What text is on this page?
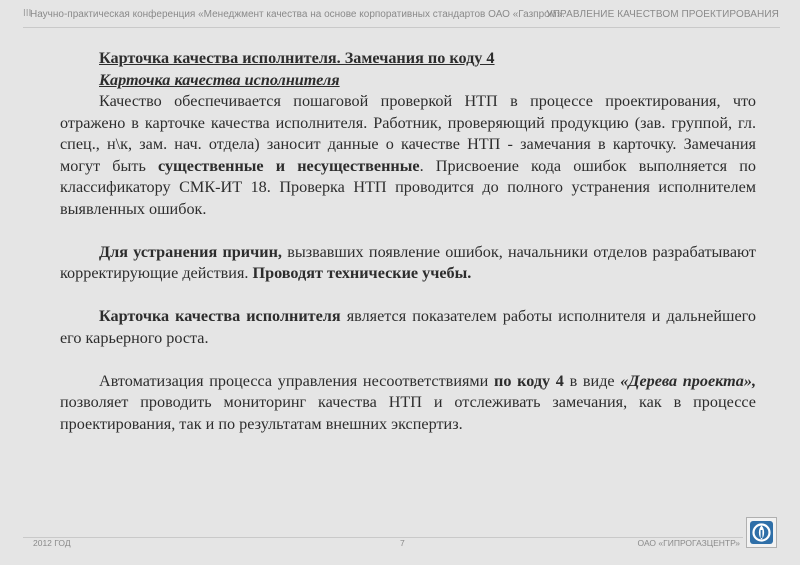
III
Научно-практическая конференция «Менеджмент качества на основе корпоративных стандартов ОАО «Газпром».
УПРАВЛЕНИЕ КАЧЕСТВОМ ПРОЕКТИРОВАНИЯ

Карточка качества исполнителя. Замечания по коду 4

Карточка качества исполнителя

Качество обеспечивается пошаговой проверкой НТП в процессе проектирования, что отражено в карточке качества исполнителя. Работник, проверяющий продукцию (зав. группой, гл. спец., н\к, зам. нач. отдела) заносит данные о качестве НТП - замечания в карточку. Замечания могут быть существенные и несущественные. Присвоение кода ошибок выполняется по классификатору СМК-ИТ 18. Проверка НТП проводится до полного устранения исполнителем выявленных ошибок.

Для устранения причин, вызвавших появление ошибок, начальники отделов разрабатывают корректирующие действия. Проводят технические учебы.

Карточка качества исполнителя является показателем работы исполнителя и дальнейшего его карьерного роста.

Автоматизация процесса управления несоответствиями по коду 4 в виде «Дерева проекта», позволяет проводить мониторинг качества НТП и отслеживать замечания, как в процессе проектирования, так и по результатам внешних экспертиз.

2012 ГОД	7	ОАО «ГИПРОГАЗЦЕНТР»
